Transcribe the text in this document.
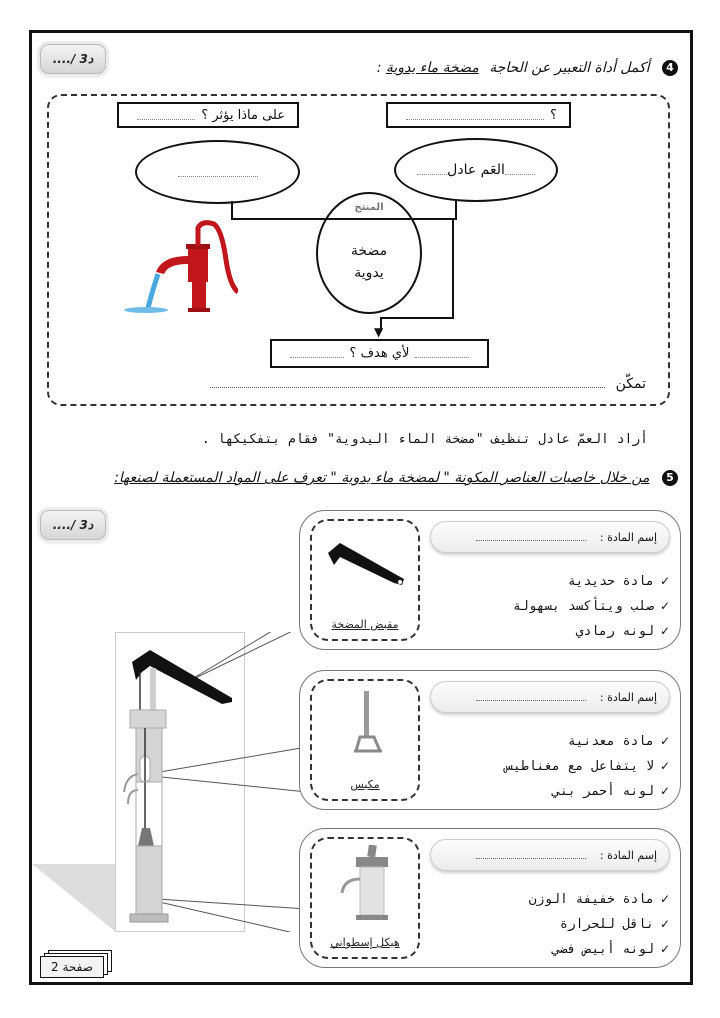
..../ د3
4 أكمل أداة التعبير عن الحاجة مضخة ماء يدوية :
على ماذا يؤثر ؟	؟
العَم عادل
▼
المنتج
مضخة
يدوية
لأي هدف ؟
تمكّن
أراد العمّ عادل تنظيف "مضخة الماء اليدوية" فقام بتفكيكها .
5 من خلال خاصيات العناصر المكونة " لمضخة ماء يدوية " تعرف على المواد المستعملة لصنعها:
..../ د3
مقبض المضخة
إسم المادة :
✓مادة حديدية
✓صلب ويتأكسد بسهولة
✓لونه رمادي
مكبس
إسم المادة :
✓مادة معدنية
✓لا يتفاعل مع مغناطيس
✓لونه أحمر بني
هيكل إسطواني
إسم المادة :
✓مادة خفيفة الوزن
✓ناقل للحرارة
✓لونه أبيض فضي
صفحة 2
